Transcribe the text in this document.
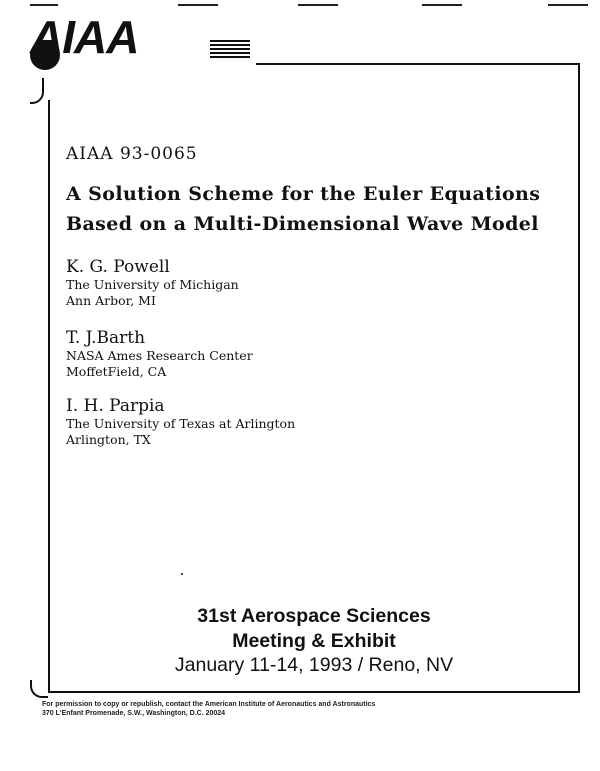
AIAA
AIAA 93-0065
A Solution Scheme for the Euler Equations
Based on a Multi-Dimensional Wave Model
K. G. Powell
The University of Michigan
Ann Arbor, MI
T. J.Barth
NASA Ames Research Center
MoffetField, CA
I. H. Parpia
The University of Texas at Arlington
Arlington, TX
31st Aerospace Sciences
Meeting & Exhibit
January 11-14, 1993 / Reno, NV
For permission to copy or republish, contact the American Institute of Aeronautics and Astronautics
370 L'Enfant Promenade, S.W., Washington, D.C. 20024
